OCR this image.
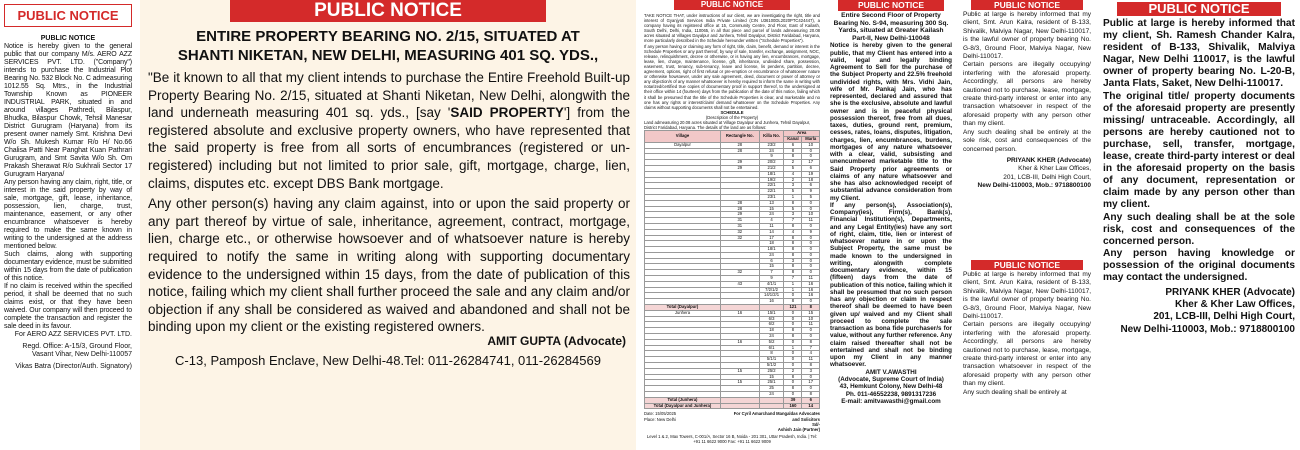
PUBLIC NOTICE
PUBLIC NOTICE
Notice is hereby given to the general public that our company M/s. AERO AZZ SERVICES PVT. LTD. ("Company") intends to purchase the Industrial Plot Bearing No. 532 Block No. C admeasuring 1012.55 Sq. Mtrs., in the Industrial Township Known as PIONEER INDUSTRIAL PARK, situated in and around villages Pathredi, Bilaspur, Bhudka, Bilaspur Chowk, Tehsil Manesar District Gurugram (Haryana) from its present owner namely Smt. Krishna Devi W/o Sh. Mukesh Kumar R/o H/ No.66 Chalisa Patti Near Panghat Kuan Pathrari Gurugram, and Smt Savita W/o Sh. Om Prakash Sherawat R/o Sukhrali Sector 17 Gurugram Haryana/
Any person having any claim, right, title, or interest in the said property by way of sale, mortgage, gift, lease, inheritance, possession, lien, charge, trust, maintenance, easement, or any other encumbrance whatsoever is hereby required to make the same known in writing to the undersigned at the address mentioned below.
Such claims, along with supporting documentary evidence, must be submitted within 15 days from the date of publication of this notice.
If no claim is received within the specified period, it shall be deemed that no such claims exist, or that they have been waived. Our company will then proceed to complete the transaction and register the sale deed in its favour.
For AERO AZZ SERVICES PVT. LTD.
Regd. Office: A-15/3, Ground Floor, Vasant Vihar, New Delhi-110057
Vikas Batra (Director/Auth. Signatory)
PUBLIC NOTICE
ENTIRE PROPERTY BEARING NO. 2/15, SITUATED AT
SHANTI NIKETAN, NEW DELHI, MEASURING 401 SQ. YDS.,
"Be it known to all that my client intends to purchase the Entire Freehold Built-up Property Bearing No. 2/15, situated at Shanti Niketan, New Delhi, alongwith the land underneath measuring 401 sq. yds., [say 'SAID PROPERTY'] from the registered absolute and exclusive property owners, who have represented that the said property is free from all sorts of encumbrances (registered or un-registered) including but not limited to prior sale, gift, mortgage, charge, lien, claims, disputes etc. except DBS Bank mortgage.
Any other person(s) having any claim against, into or upon the said property or any part thereof by virtue of sale, inheritance, agreement, contract, mortgage, lien, charge etc., or otherwise howsoever and of whatsoever nature is hereby required to notify the same in writing along with supporting documentary evidence to the undersigned within 15 days, from the date of publication of this notice, failing which my client shall further proceed the sale and any claim and/or objection if any shall be considered as waived and abandoned and shall not be binding upon my client or the existing registered owners.
AMIT GUPTA (Advocate)
C-13, Pamposh Enclave, New Delhi-48.Tel: 011-26284741, 011-26284569
PUBLIC NOTICE
TAKE NOTICE THAT, under instructions of our client, we are investigating the right, title and interest of Gyanjyoti Services India Private Limited (CIN U36100DL2020PTC424447), a company having its registered office at 15, Community Centre, 2nd Floor, East of Kailash, South Delhi, Delhi, India, 110065, in all that piece and parcel of lands admeasuring 20.08 acres situated at Villages Dayalpur and Junhera, Tehsil Dayalpur, District Faridabad, Haryana, more particularly described in the Schedule hereunder written ("Schedule Properties").
If any person having or claiming any form of right, title, claim, benefit, demand or interest in the Schedule Properties or any part thereof, by way of sale, transfer, exchange, assignment, NOC, release, relinquishment, decree or otherwise, or is having any lien, encumbrances, mortgage, lease, lien, charge, maintenance, license, gift, inheritance, undivided share, possession, easement, trust, tenancy, sub-tenancy, leave and license, lis pendens, partition, decree, agreement, options, right of first refusal or pre-emption or encumbrance of whatsoever nature or otherwise howsoever, under any sale agreement, deed, document or power of attorney or any objection/s of any manner whatsoever is hereby required to inform the same in writing with notarized/certified true copies of documentary proof in support thereof, to the undersigned at their office within 14 (fourteen) days from the publication of the date of this notice, failing which it shall be presumed that the title of the Schedule Properties is clear, and marketable and no one has any rights or interest/claim/ demand whatsoever on the Schedule Properties. Any claims without supporting documents shall not be entertained.
SCHEDULE
(Description of the Property)
Land admeasuring 20.08 acres situated at Village Dayalpur and Junhera, Tehsil Dayalpur, District Faridabad, Haryana. The details of the land are as follows:
Village	Rectangle No.	Killa No.	Area	
			Kanal	Marla
Dayalpur	28	23/2	6	10
	28	24	8	0
		9	8	0
	29	20/2	2	17
	29	21/2	5	6
		18/1	4	19
		19/2	2	18
		22/1	3	6
		22/1	5	9
		23/1	1	5
	28	13	8	0
	28	15	5	0
	29	24	3	10
	31	4	7	11
	31	11	8	0
	32	14	4	9
	32	17	8	0
		18	8	0
		18/1	8	0
		24	8	0
		6	3	0
		15	8	0
	32	7	8	0
		9	7	11
	43	4/1/1	1	16
		7/2/1/2	1	16
		14/1/2/1	0	16
		16	8	0
Total (Dayalpur)			121	8
Junhera	16	15/1	0	15
		6/3	0	10
		6/2	0	11
		18	8	0
		24	8	0
	16	5/2	0	8
		6/1	1	7
		8	0	4
		5/1/1	0	11
		5/1/2	0	8
	15	25/2	2	3
		15	8	0
	15	25/1	0	17
		25	8	0
		24	0	8
Total (Junhera)			39	6
Total (Dayalpur and Junhera)			160	14
Date: 15/05/2025
Place: New Delhi
For Cyril Amarchand Mangaldas Advocates and Solicitors
Sd/-
Ashish Jain (Partner)
Level 1 & 2, Max Towers, C-001/A, Sector 16 B, Noida - 201 301, Uttar Pradesh, India. | Tel: +91 11 6622 9000 Fax: +91 11 6622 9009
PUBLIC NOTICE
Entire Second Floor of Property Bearing No. S-94, measuring 300 Sq. Yards, situated at Greater Kailash Part-II, New Delhi-110048
Notice is hereby given to the general public, that my Client has entered into a valid, legal and legally binding Agreement to Sell for the purchase of the Subject Property and 22.5% freehold undivided rights, with Mrs. Vidhi Jain, wife of Mr. Pankaj Jain, who has represented, declared and assured that she is the exclusive, absolute and lawful owner and is in peaceful physical possession thereof, free from all dues, taxes, duties, ground rent, premium, cesses, rates, loans, disputes, litigation, charges, lien, encumbrances, burdens, mortgages of any nature whatsoever with a clear, valid, subsisting and unencumbered marketable title to the Said Property prior agreements or claims of any nature whatsoever and she has also acknowledged receipt of substantial advance consideration from my Client.
If any person(s), Association(s), Company(ies), Firm(s), Bank(s), Financial Institution(s), Departments, and any Legal Entity(ies) have any sort of right, claim, title, lien or interest of whatsoever nature in or upon the Subject Property, the same must be made known to the undersigned in writing, alongwith complete documentary evidence, within 15 (fifteen) days from the date of publication of this notice, failing which it shall be presumed that no such person has any objection or claim in respect thereof shall be deemed to have been given up/ waived and my Client shall proceed to complete the sale transaction as bona fide purchaser/s for value, without any further reference. Any claim raised thereafter shall not be entertained and shall not be binding upon my Client in any manner whatsoever.
AMIT V.AWASTHI
(Advocate, Supreme Court of India)
43, Hemkunt Colony, New Delhi-48
Ph. 011-46552238, 9891317236
E-mail: amitvawasthi@gmail.com
PUBLIC NOTICE
Public at large is hereby informed that my client, Smt. Arun Kalra, resident of B-133, Shivalik, Malviya Nagar, New Delhi-110017, is the lawful owner of property bearing No. G-8/3, Ground Floor, Malviya Nagar, New Delhi-110017.
Certain persons are illegally occupying/ interfering with the aforesaid property. Accordingly, all persons are hereby cautioned not to purchase, lease, mortgage, create third-party interest or enter into any transaction whatsoever in respect of the aforesaid property with any person other than my client.
Any such dealing shall be entirely at the sole risk, cost and consequences of the concerned person.
PRIYANK KHER (Advocate)
Kher & Kher Law Offices,
201, LCB-III, Delhi High Court,
New Delhi-110003, Mob.: 9718800100
PUBLIC NOTICE
Public at large is hereby informed that my client, Smt. Arun Kalra, resident of B-133, Shivalik, Malviya Nagar, New Delhi-110017, is the lawful owner of property bearing No. G-8/3, Ground Floor, Malviya Nagar, New Delhi-110017.
Certain persons are illegally occupying/ interfering with the aforesaid property. Accordingly, all persons are hereby cautioned not to purchase, lease, mortgage, create third-party interest or enter into any transaction whatsoever in respect of the aforesaid property with any person other than my client.
Any such dealing shall be entirely at
PUBLIC NOTICE
Public at large is hereby informed that my client, Sh. Ramesh Chander Kalra, resident of B-133, Shivalik, Malviya Nagar, New Delhi 110017, is the lawful owner of property bearing No. L-20-B, Janta Flats, Saket, New Delhi-110017.
The original title/ property documents of the aforesaid property are presently missing/ untraceable. Accordingly, all persons are hereby cautioned not to purchase, sell, transfer, mortgage, lease, create third-party interest or deal in the aforesaid property on the basis of any document, representation or claim made by any person other than my client.
Any such dealing shall be at the sole risk, cost and consequences of the concerned person.
Any person having knowledge or possession of the original documents may contact the undersigned.
PRIYANK KHER (Advocate)
Kher & Kher Law Offices,
201, LCB-III, Delhi High Court,
New Delhi-110003, Mob.: 9718800100
